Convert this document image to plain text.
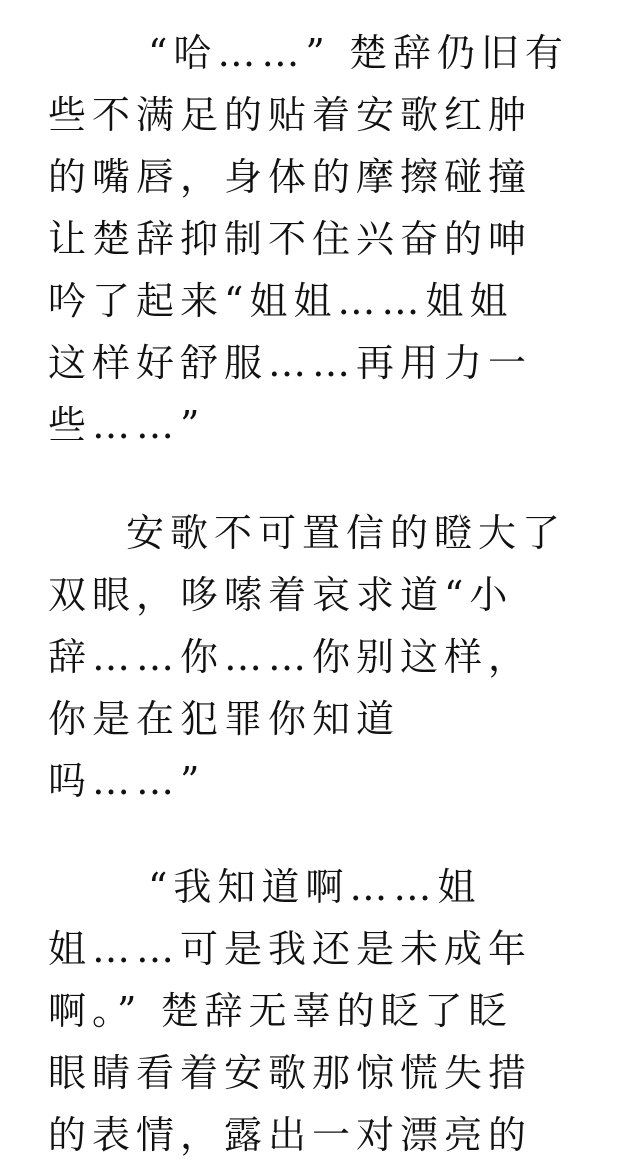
“哈……” 楚辞仍旧有
些不满足的贴着安歌红肿
的嘴唇，身体的摩擦碰撞
让楚辞抑制不住兴奋的呻
吟了起来“姐姐……姐姐
这样好舒服……再用力一
些……”
安歌不可置信的瞪大了
双眼，哆嗦着哀求道“小
辞……你……你别这样，
你是在犯罪你知道
吗……”
“我知道啊……姐
姐……可是我还是未成年
啊。” 楚辞无辜的眨了眨
眼睛看着安歌那惊慌失措
的表情，露出一对漂亮的
